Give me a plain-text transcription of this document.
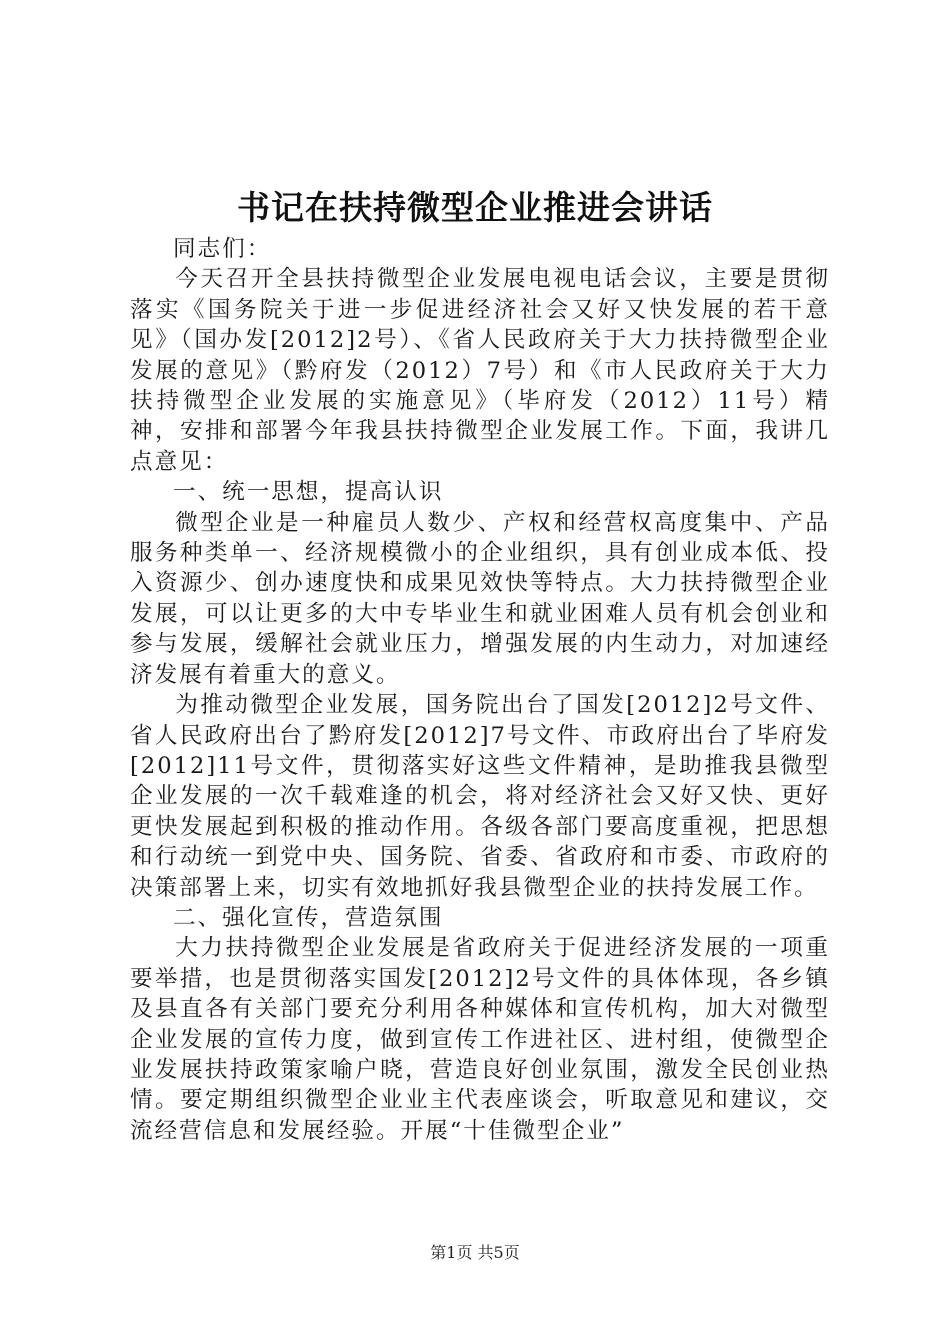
书记在扶持微型企业推进会讲话

同志们：

今天召开全县扶持微型企业发展电视电话会议，主要是贯彻落实《国务院关于进一步促进经济社会又好又快发展的若干意见》（国办发[2012]2号）、《省人民政府关于大力扶持微型企业发展的意见》（黔府发（2012）7号）和《市人民政府关于大力扶持微型企业发展的实施意见》（毕府发（2012）11号）精神，安排和部署今年我县扶持微型企业发展工作。下面，我讲几点意见：

一、统一思想，提高认识

微型企业是一种雇员人数少、产权和经营权高度集中、产品服务种类单一、经济规模微小的企业组织，具有创业成本低、投入资源少、创办速度快和成果见效快等特点。大力扶持微型企业发展，可以让更多的大中专毕业生和就业困难人员有机会创业和参与发展，缓解社会就业压力，增强发展的内生动力，对加速经济发展有着重大的意义。

为推动微型企业发展，国务院出台了国发[2012]2号文件、省人民政府出台了黔府发[2012]7号文件、市政府出台了毕府发[2012]11号文件，贯彻落实好这些文件精神，是助推我县微型企业发展的一次千载难逢的机会，将对经济社会又好又快、更好更快发展起到积极的推动作用。各级各部门要高度重视，把思想和行动统一到党中央、国务院、省委、省政府和市委、市政府的决策部署上来，切实有效地抓好我县微型企业的扶持发展工作。

二、强化宣传，营造氛围

大力扶持微型企业发展是省政府关于促进经济发展的一项重要举措，也是贯彻落实国发[2012]2号文件的具体体现，各乡镇及县直各有关部门要充分利用各种媒体和宣传机构，加大对微型企业发展的宣传力度，做到宣传工作进社区、进村组，使微型企业发展扶持政策家喻户晓，营造良好创业氛围，激发全民创业热情。要定期组织微型企业业主代表座谈会，听取意见和建议，交流经营信息和发展经验。开展“十佳微型企业”

第1页 共5页
